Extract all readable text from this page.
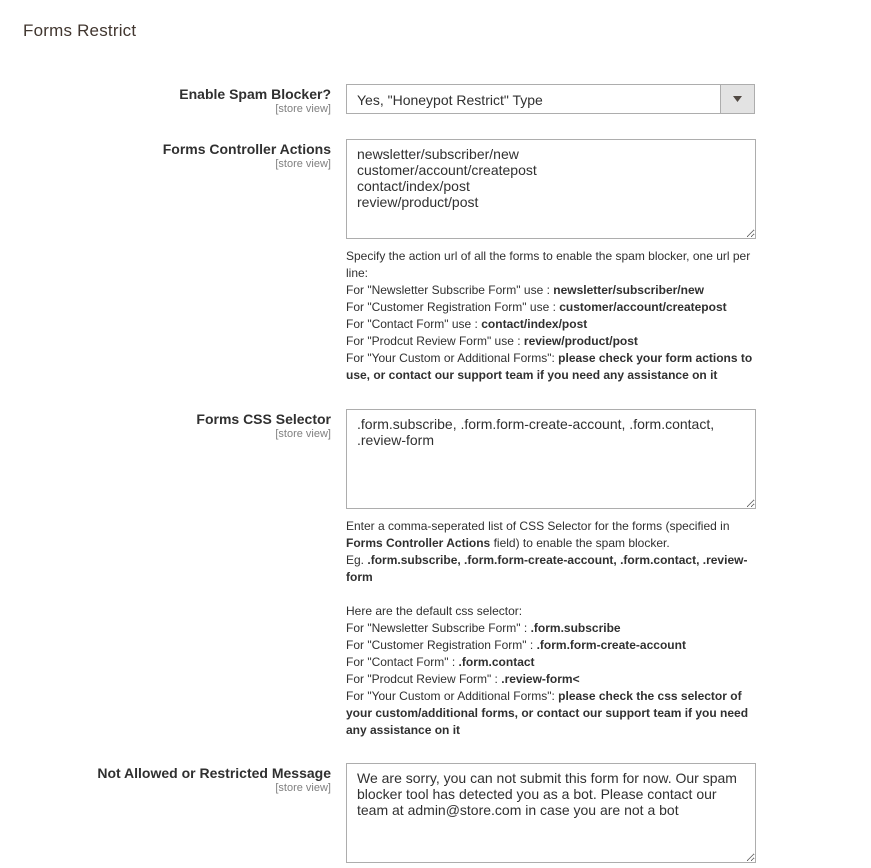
Forms Restrict
Enable Spam Blocker?
[store view]
Yes, "Honeypot Restrict" Type
Forms Controller Actions
[store view]
newsletter/subscriber/new customer/account/createpost contact/index/post review/product/post
Specify the action url of all the forms to enable the spam blocker, one url per line:
For "Newsletter Subscribe Form" use : newsletter/subscriber/new
For "Customer Registration Form" use : customer/account/createpost
For "Contact Form" use : contact/index/post
For "Prodcut Review Form" use : review/product/post
For "Your Custom or Additional Forms": please check your form actions to use, or contact our support team if you need any assistance on it
Forms CSS Selector
[store view]
.form.subscribe, .form.form-create-account, .form.contact, .review-form
Enter a comma-seperated list of CSS Selector for the forms (specified in Forms Controller Actions field) to enable the spam blocker.
Eg. .form.subscribe, .form.form-create-account, .form.contact, .review-form
Here are the default css selector:
For "Newsletter Subscribe Form" : .form.subscribe
For "Customer Registration Form" : .form.form-create-account
For "Contact Form" : .form.contact
For "Prodcut Review Form" : .review-form<
For "Your Custom or Additional Forms": please check the css selector of your custom/additional forms, or contact our support team if you need any assistance on it
Not Allowed or Restricted Message
[store view]
We are sorry, you can not submit this form for now. Our spam blocker tool has detected you as a bot. Please contact our team at admin@store.com in case you are not a bot
